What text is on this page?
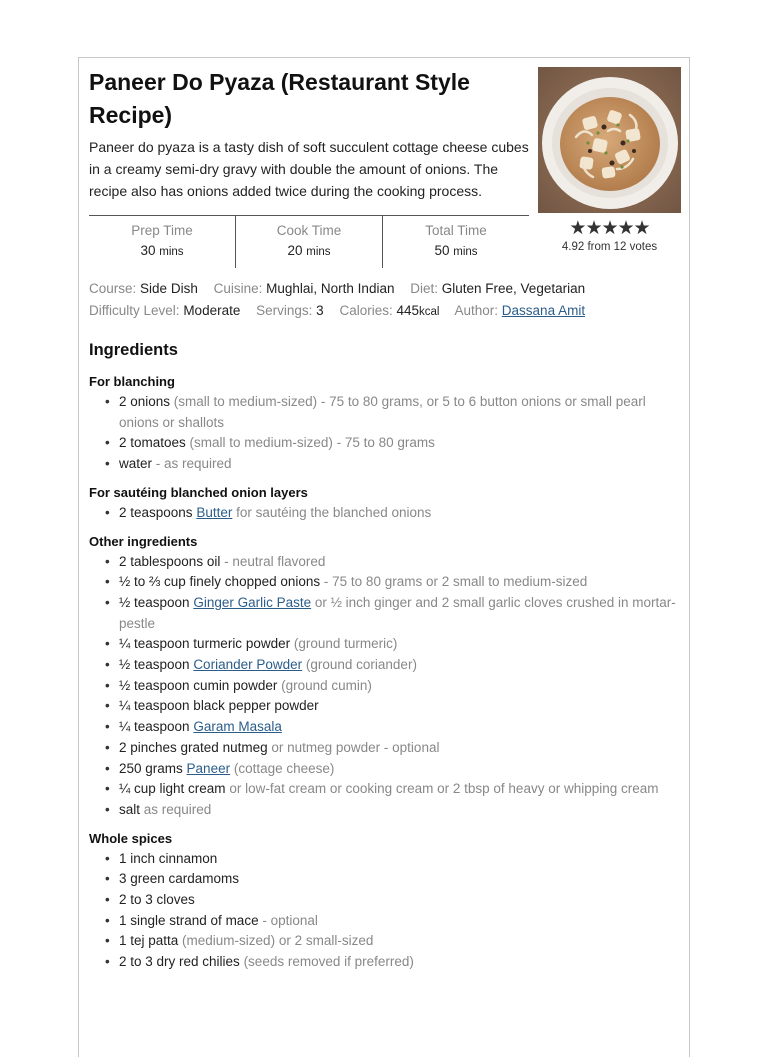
Paneer Do Pyaza (Restaurant Style Recipe)

Paneer do pyaza is a tasty dish of soft succulent cottage cheese cubes in a creamy semi-dry gravy with double the amount of onions. The recipe also has onions added twice during the cooking process.

★★★★★
4.92 from 12 votes
Prep Time
30 mins
Cook Time
20 mins
Total Time
50 mins
Course: Side Dish Cuisine: Mughlai, North Indian Diet: Gluten Free, Vegetarian
Difficulty Level: Moderate Servings: 3 Calories: 445kcal Author: Dassana Amit
Ingredients
For blanching
• 2 onions (small to medium-sized) - 75 to 80 grams, or 5 to 6 button onions or small pearl onions or shallots
• 2 tomatoes (small to medium-sized) - 75 to 80 grams
• water - as required
For sautéing blanched onion layers
• 2 teaspoons Butter for sautéing the blanched onions
Other ingredients
• 2 tablespoons oil - neutral flavored
• ½ to ⅔ cup finely chopped onions - 75 to 80 grams or 2 small to medium-sized
• ½ teaspoon Ginger Garlic Paste or ½ inch ginger and 2 small garlic cloves crushed in mortar-pestle
• ¼ teaspoon turmeric powder (ground turmeric)
• ½ teaspoon Coriander Powder (ground coriander)
• ½ teaspoon cumin powder (ground cumin)
• ¼ teaspoon black pepper powder
• ¼ teaspoon Garam Masala
• 2 pinches grated nutmeg or nutmeg powder - optional
• 250 grams Paneer (cottage cheese)
• ¼ cup light cream or low-fat cream or cooking cream or 2 tbsp of heavy or whipping cream
• salt as required
Whole spices
• 1 inch cinnamon
• 3 green cardamoms
• 2 to 3 cloves
• 1 single strand of mace - optional
• 1 tej patta (medium-sized) or 2 small-sized
• 2 to 3 dry red chilies (seeds removed if preferred)
